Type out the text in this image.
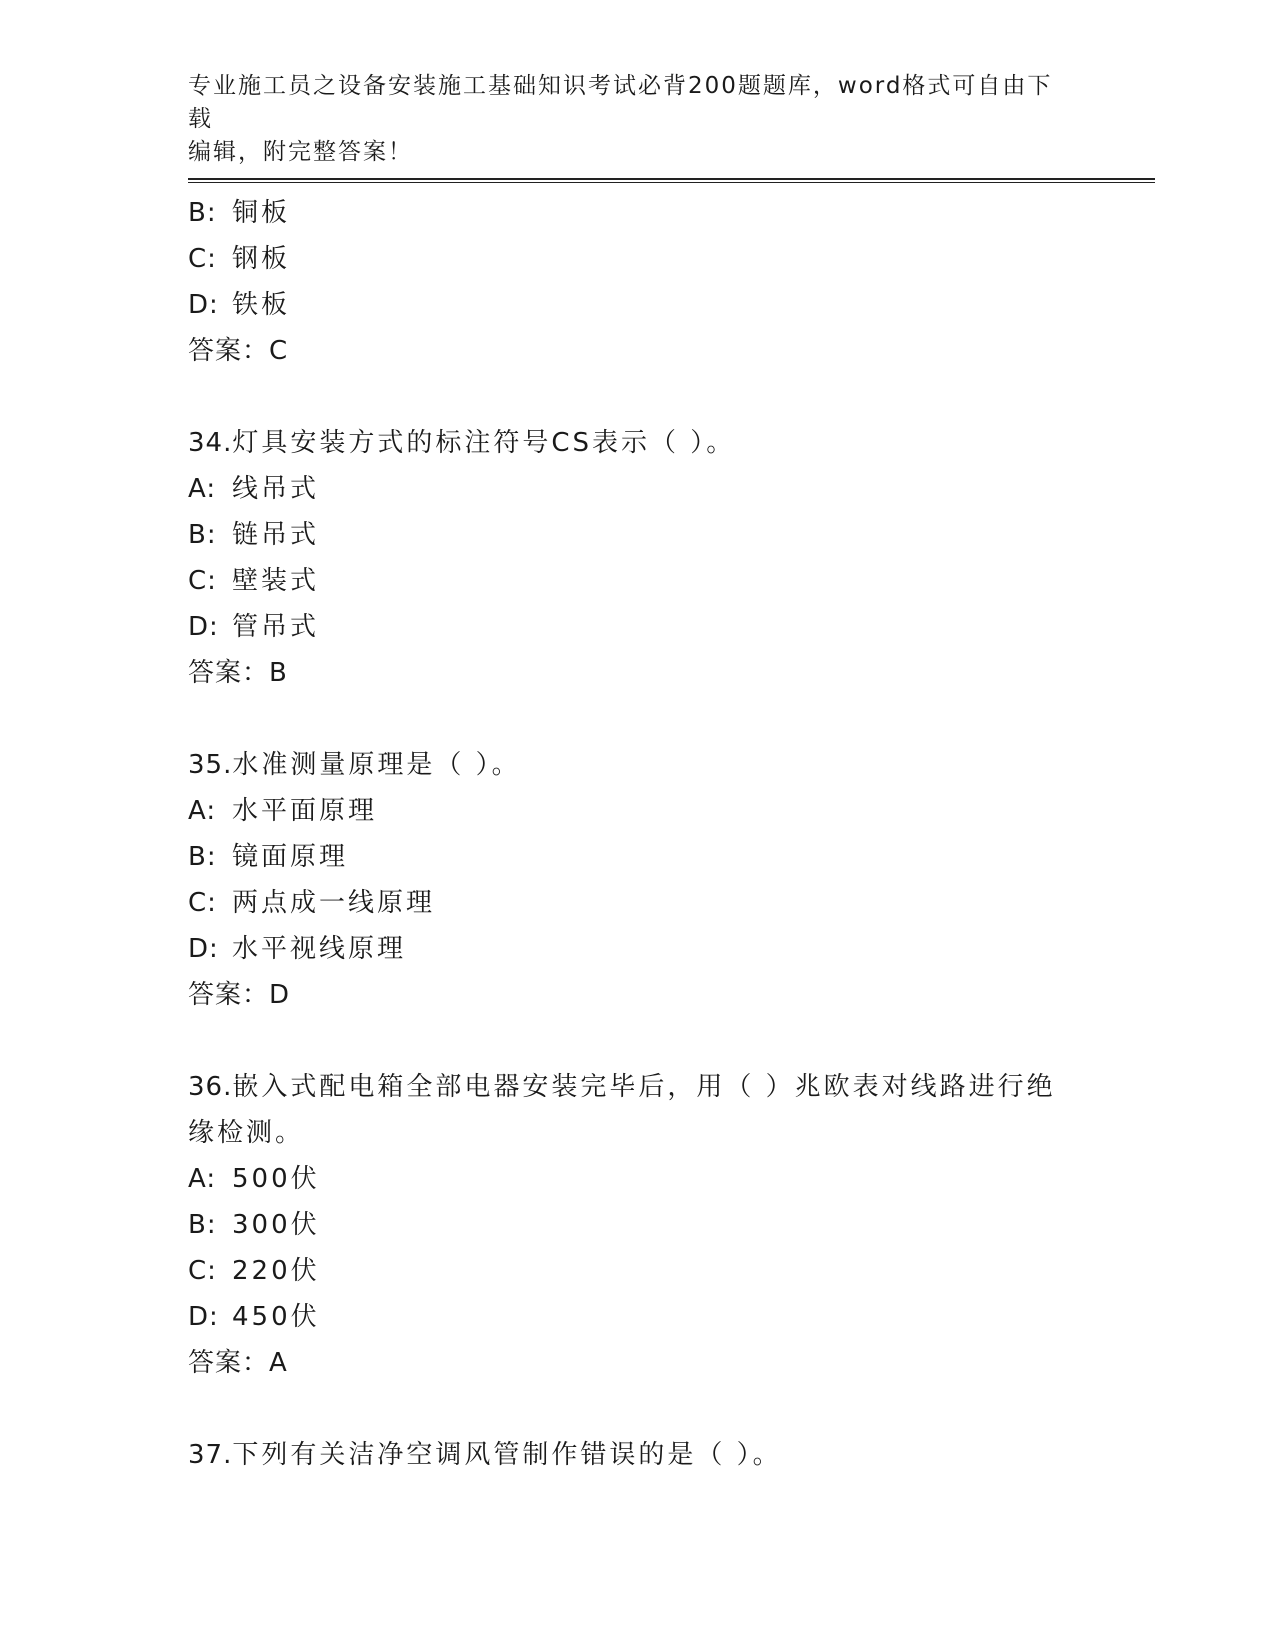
专业施工员之设备安装施工基础知识考试必背200题题库，word格式可自由下载
编辑，附完整答案！
B: 铜板
C: 钢板
D: 铁板
答案：C
34.灯具安装方式的标注符号CS表示（ ）。
A: 线吊式
B: 链吊式
C: 壁装式
D: 管吊式
答案：B
35.水准测量原理是（ ）。
A: 水平面原理
B: 镜面原理
C: 两点成一线原理
D: 水平视线原理
答案：D
36.嵌入式配电箱全部电器安装完毕后，用（ ）兆欧表对线路进行绝
缘检测。
A: 500伏
B: 300伏
C: 220伏
D: 450伏
答案：A
37.下列有关洁净空调风管制作错误的是（ ）。
